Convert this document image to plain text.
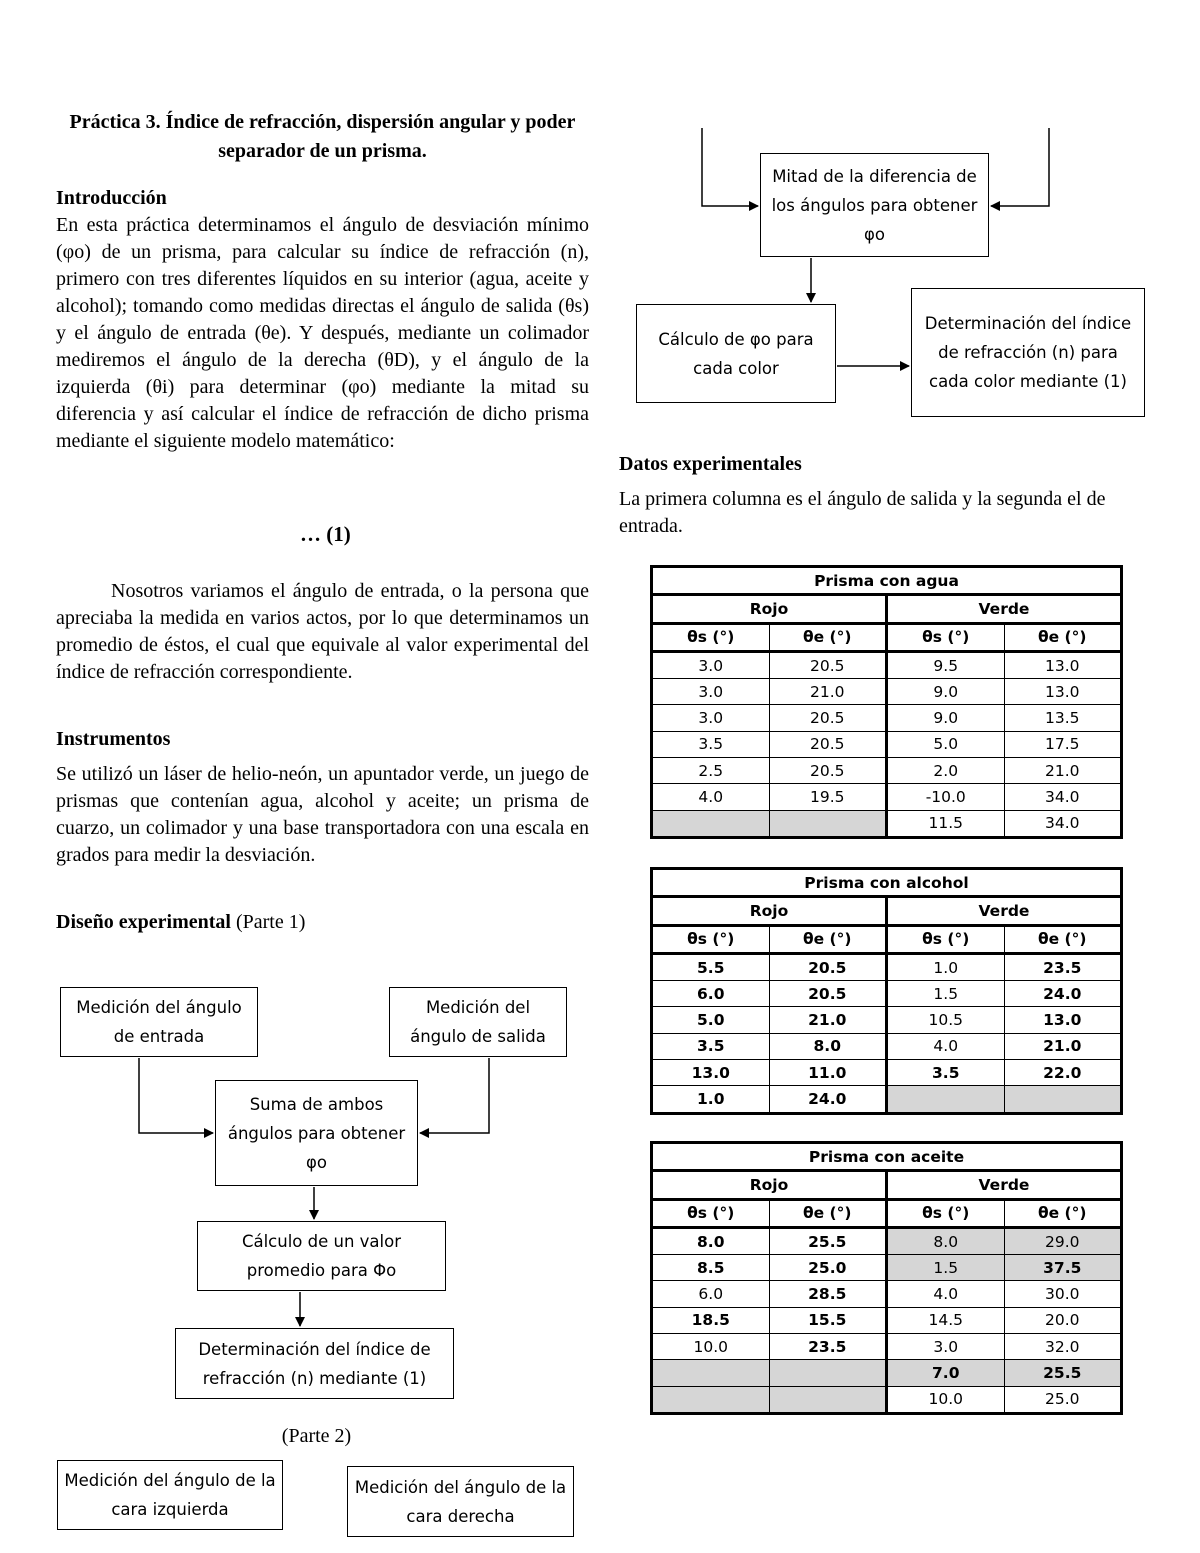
Práctica 3. Índice de refracción, dispersión angular y poder separador de un prisma.
Introducción

En esta práctica determinamos el ángulo de desviación mínimo (φo) de un prisma, para calcular su índice de refracción (n), primero con tres diferentes líquidos en su interior (agua, aceite y alcohol); tomando como medidas directas el ángulo de salida (θs) y el ángulo de entrada (θe). Y después, mediante un colimador mediremos el ángulo de la derecha (θD), y el ángulo de la izquierda (θi) para determinar (φo) mediante la mitad su diferencia y así calcular el índice de refracción de dicho prisma mediante el siguiente modelo matemático:

… (1)

Nosotros variamos el ángulo de entrada, o la persona que apreciaba la medida en varios actos, por lo que determinamos un promedio de éstos, el cual que equivale al valor experimental del índice de refracción correspondiente.

Instrumentos

Se utilizó un láser de helio-neón, un apuntador verde, un juego de prismas que contenían agua, alcohol y aceite; un prisma de cuarzo, un colimador y una base transportadora con una escala en grados para medir la desviación.

Diseño experimental (Parte 1)
Medición del ángulo de entrada
Medición del ángulo de salida
Suma de ambos ángulos para obtener φo
Cálculo de un valor promedio para Φo
Determinación del índice de refracción (n) mediante (1)
(Parte 2)
Medición del ángulo de la cara izquierda
Medición del ángulo de la cara derecha
Mitad de la diferencia de los ángulos para obtener φo
Cálculo de φo para cada color
Determinación del índice de refracción (n) para cada color mediante (1)
Datos experimentales

La primera columna es el ángulo de salida y la segunda el de entrada.

Prisma con agua			
Rojo		Verde	
θs (°)	θe (°)	θs (°)	θe (°)
3.0	20.5	9.5	13.0
3.0	21.0	9.0	13.0
3.0	20.5	9.0	13.5
3.5	20.5	5.0	17.5
2.5	20.5	2.0	21.0
4.0	19.5	-10.0	34.0
		11.5	34.0
Prisma con alcohol			
Rojo		Verde	
θs (°)	θe (°)	θs (°)	θe (°)
5.5	20.5	1.0	23.5
6.0	20.5	1.5	24.0
5.0	21.0	10.5	13.0
3.5	8.0	4.0	21.0
13.0	11.0	3.5	22.0
1.0	24.0		
Prisma con aceite			
Rojo		Verde	
θs (°)	θe (°)	θs (°)	θe (°)
8.0	25.5	8.0	29.0
8.5	25.0	1.5	37.5
6.0	28.5	4.0	30.0
18.5	15.5	14.5	20.0
10.0	23.5	3.0	32.0
		7.0	25.5
		10.0	25.0
